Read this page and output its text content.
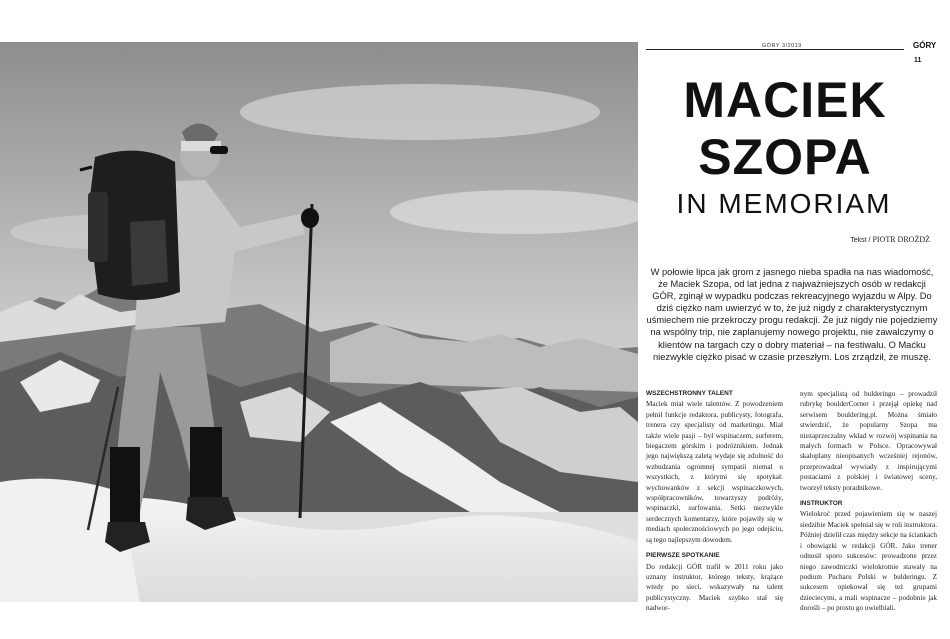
GÓRY 3/2019	GÓRY
11
MACIEK
SZOPA
IN MEMORIAM
Tekst / PIOTR DROŻDŻ
W połowie lipca jak grom z jasnego nieba spadła na nas wiadomość, że Maciek Szopa, od lat jedna z najważniejszych osób w redakcji GÓR, zginął w wypadku podczas rekreacyjnego wyjazdu w Alpy. Do dziś ciężko nam uwierzyć w to, że już nigdy z charakterystycznym uśmiechem nie przekroczy progu redakcji. Że już nigdy nie pojedziemy na wspólny trip, nie zaplanujemy nowego projektu, nie zawalczymy o klientów na targach czy o dobry materiał – na festiwalu. O Maćku niezwykle ciężko pisać w czasie przeszłym. Los zrządził, że muszę.
WSZECHSTRONNY TALENT

Maciek miał wiele talentów. Z powodzeniem pełnił funkcje redaktora, publicysty, fotografa, trenera czy specjalisty od marketingu. Miał także wiele pasji – był wspinaczem, surferem, biegaczem górskim i podróżnikiem. Jednak jego największą zaletą wydaje się zdolność do wzbudzania ogromnej sympatii niemal u wszystkich, z którymi się spotykał: wychowanków z sekcji wspinaczkowych, współpracowników, towarzyszy podróży, wspinaczki, surfowania. Setki niezwykle serdecznych komentarzy, które pojawiły się w mediach społecznościowych po jego odejściu, są tego najlepszym dowodem.

PIERWSZE SPOTKANIE

Do redakcji GÓR trafił w 2011 roku jako uznany instruktor, którego teksty, krążące wtedy po sieci, wskazywały na talent publicystyczny. Maciek szybko stał się nadwor-

nym specjalistą od bulderingu – prowadził rubrykę boulderCorner i przejął opiekę nad serwisem bouldering.pl. Można śmiało stwierdzić, że popularny Szopa ma niezaprzeczalny wkład w rozwój wspinania na małych formach w Polsce. Opracowywał skałoplany nieopisanych wcześniej rejonów, przeprowadzał wywiady z inspirującymi postaciami z polskiej i światowej sceny, tworzył teksty poradnikowe.

INSTRUKTOR

Wielokroć przed pojawieniem się w naszej siedzibie Maciek spełniał się w roli instruktora. Później dzielił czas między sekcje na ściankach i obowiązki w redakcji GÓR. Jako trener odnosił sporo sukcesów: prowadzone przez niego zawodniczki wielokrotnie stawały na podium Pucharu Polski w bulderingu. Z sukcesem opiekował się też grupami dzieciecymi, a mali wspinacze – podobnie jak dorośli – po prostu go uwielbiali.
